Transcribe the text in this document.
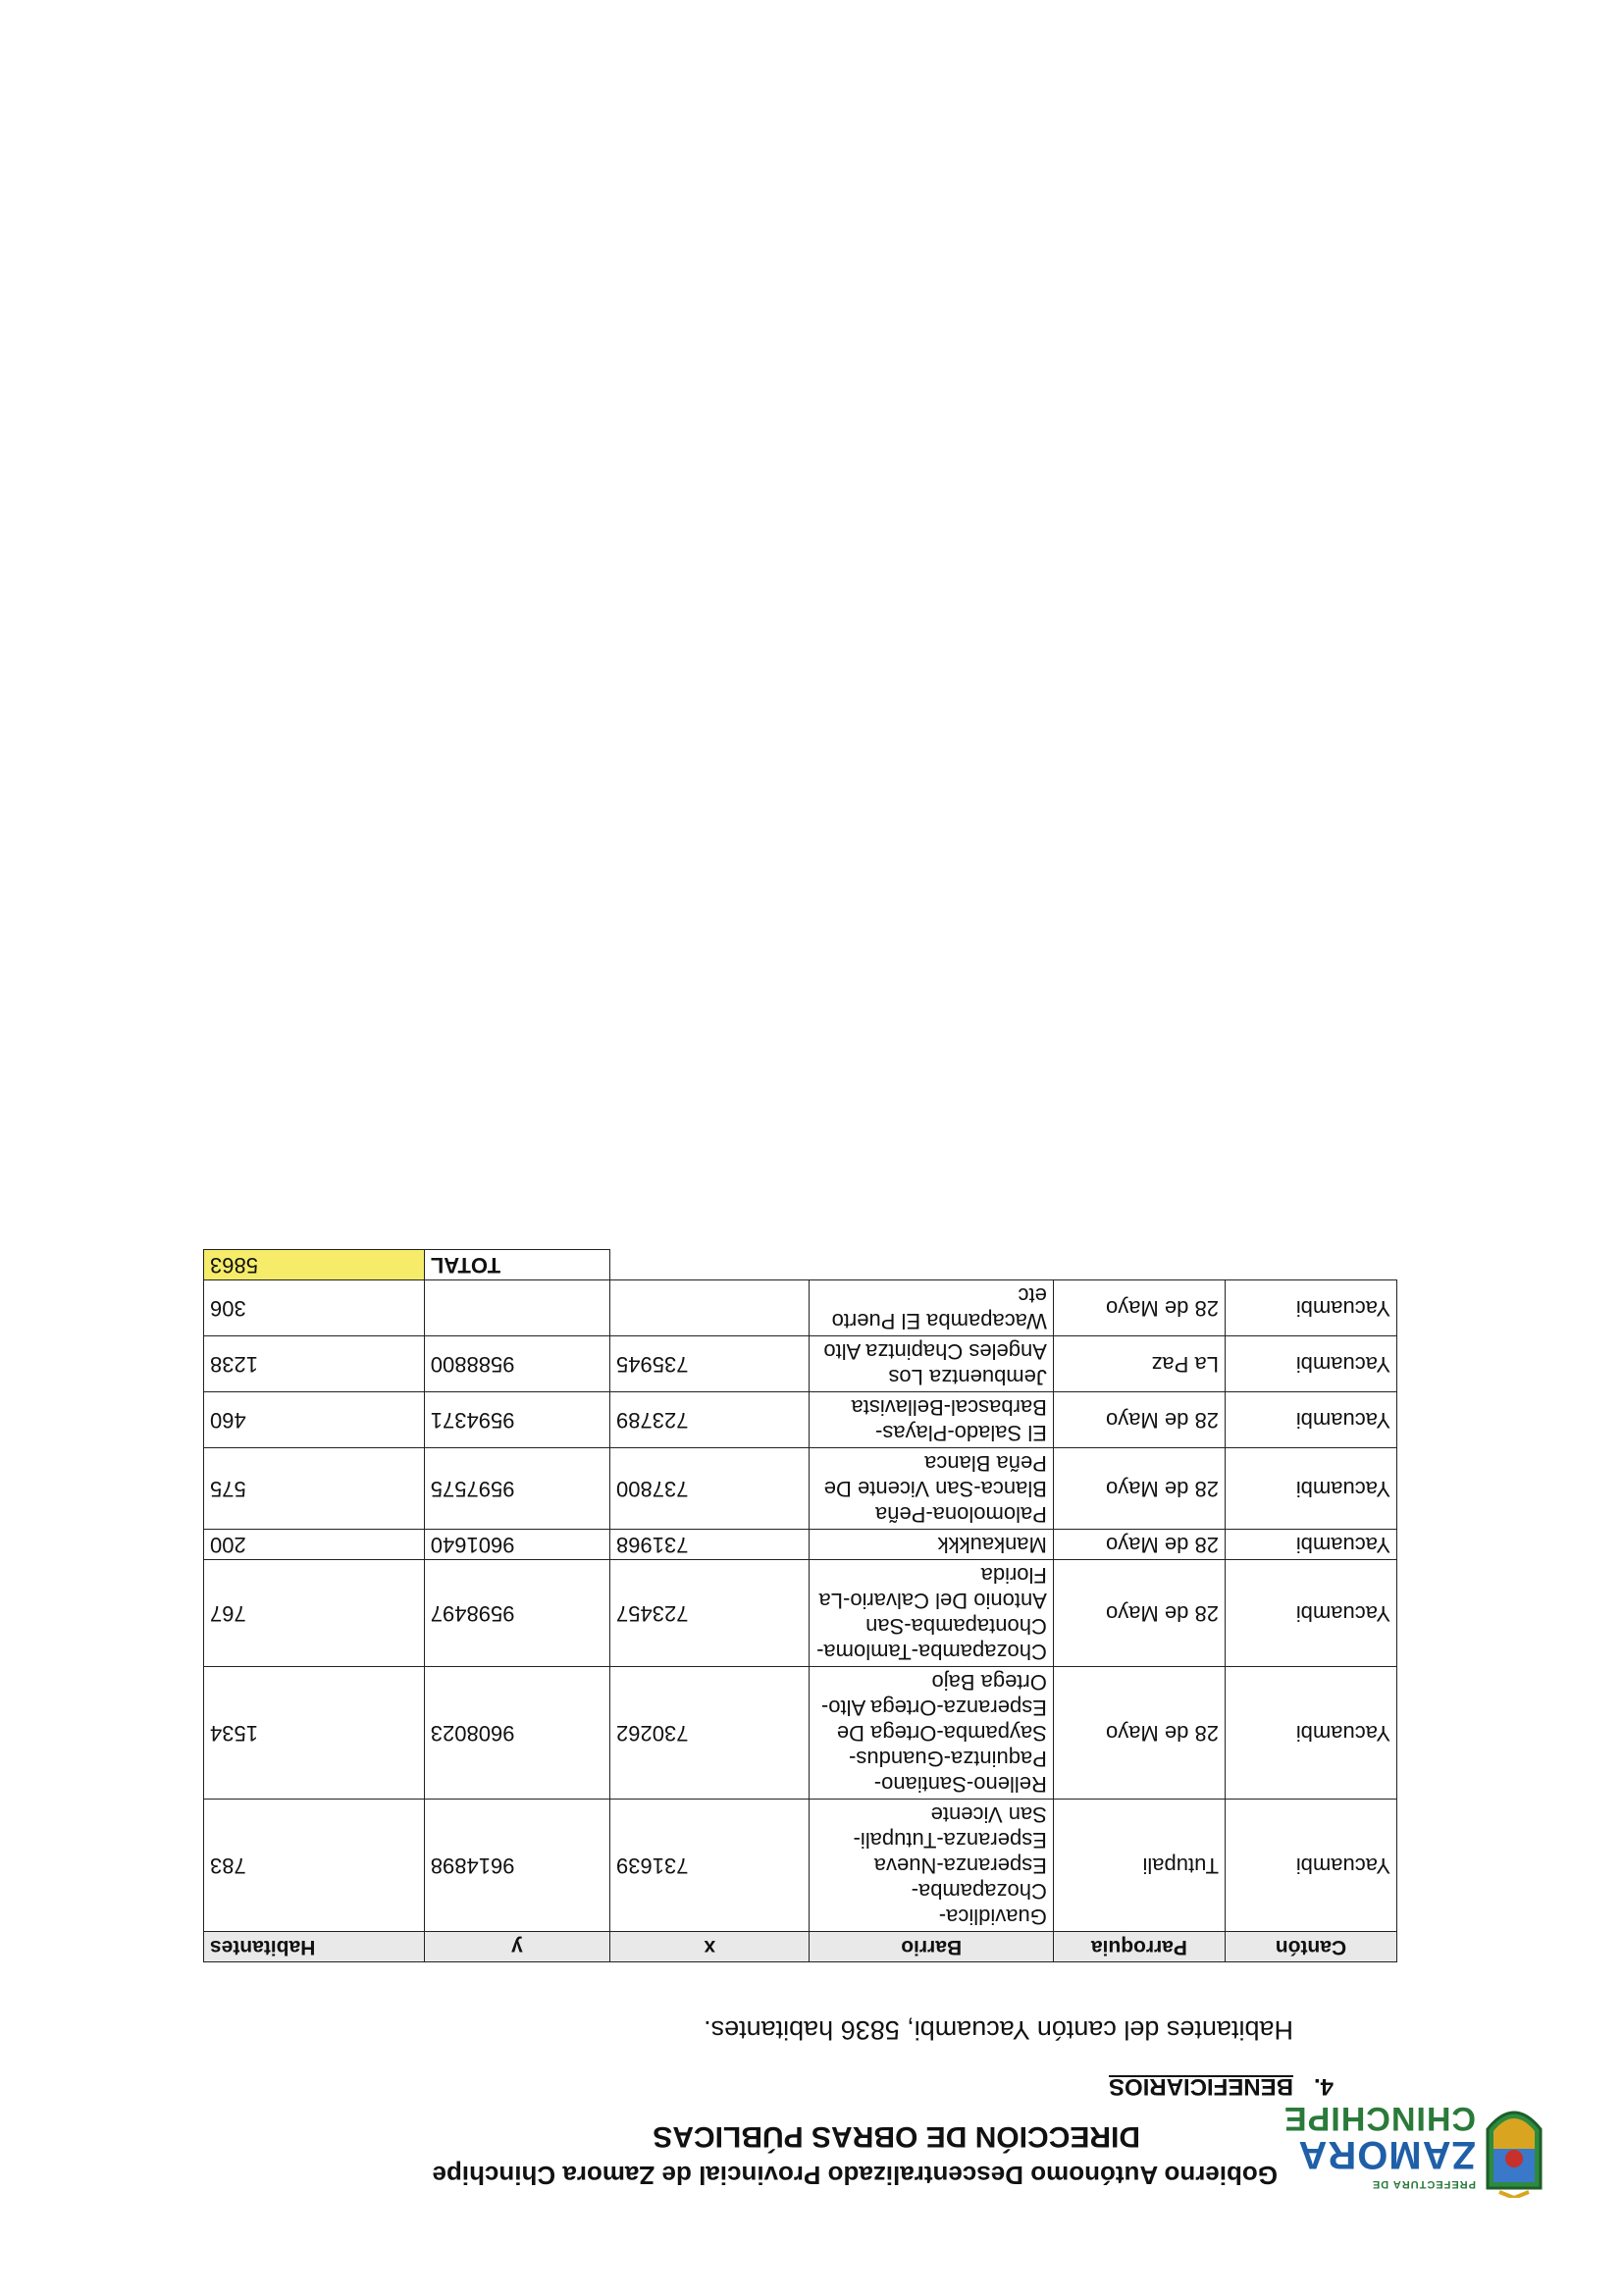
PREFECTURA DE
ZAMORA
CHINCHIPE
Gobierno Autónomo Descentralizado Provincial de Zamora Chinchipe
DIRECCIÓN DE OBRAS PÚBLICAS
4.
BENEFICIARIOS
Habitantes del cantón Yacuambi, 5836 habitantes.
Cantón	Parroquia	Barrio	x	y	Habitantes
Yacuambi	Tutupali	Guavidlica-Chozapamba-Esperanza-Nueva Esperanza-Tutupali-San Vicente	731639	9614898	783
Yacuambi	28 de Mayo	Relleno-Santiano-Paquintza-Guandus-Saypamba-Ortega De Esperanza-Ortega Alto-Ortega Bajo	730262	9608023	1534
Yacuambi	28 de Mayo	Chozapamba-Tamloma-Chontapamba-San Antonio Del Calvario-La Florida	723457	9598497	767
Yacuambi	28 de Mayo	Mankaukkk	731968	9601640	200
Yacuambi	28 de Mayo	Palomolona-Peña Blanca-San Vicente De Peña Blanca	737800	9597575	575
Yacuambi	28 de Mayo	El Salado-Playas-Barbascal-Bellavista	723789	9594371	460
Yacuambi	La Paz	Jembuentza Los Angeles Chapintza Alto	735945	9588800	1238
Yacuambi	28 de Mayo	Wacapamba El Puerto etc			306
				TOTAL	5863
